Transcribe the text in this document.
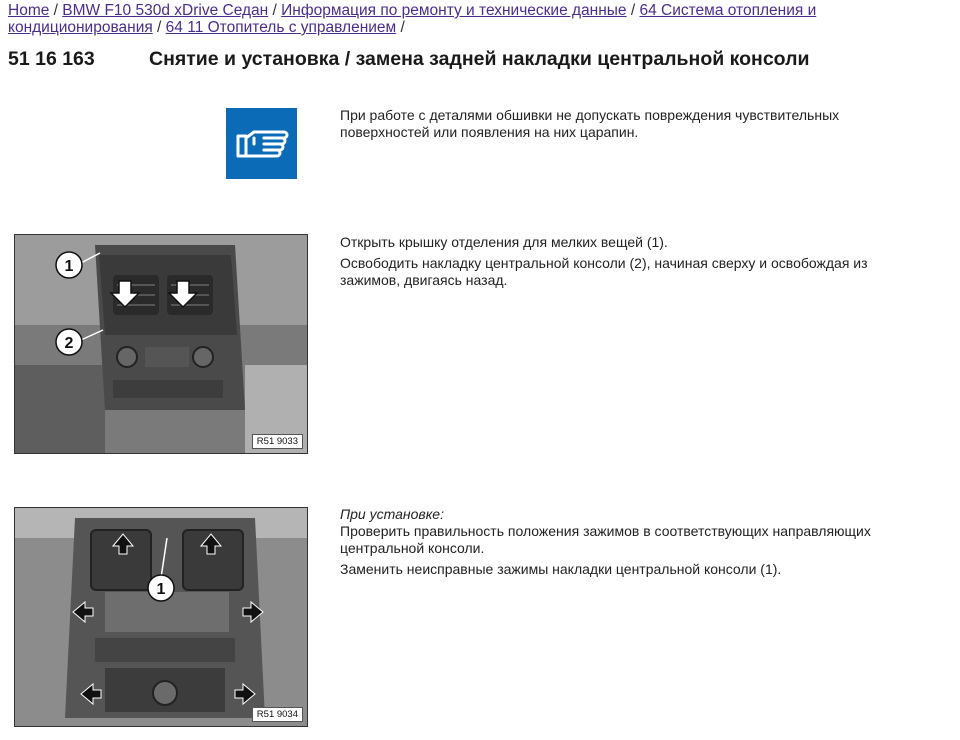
Home / BMW F10 530d xDrive Седан / Информация по ремонту и технические данные / 64 Система отопления и кондиционирования / 64 11 Отопитель с управлением /
51 16 163	Снятие и установка / замена задней накладки центральной консоли

При работе с деталями обшивки не допускать повреждения чувствительных поверхностей или появления на них царапин.

1
2
R51 9033

Открыть крышку отделения для мелких вещей (1).

Освободить накладку центральной консоли (2), начиная сверху и освобождая из зажимов, двигаясь назад.

1
R51 9034

При установке:

Проверить правильность положения зажимов в соответствующих направляющих центральной консоли.

Заменить неисправные зажимы накладки центральной консоли (1).
